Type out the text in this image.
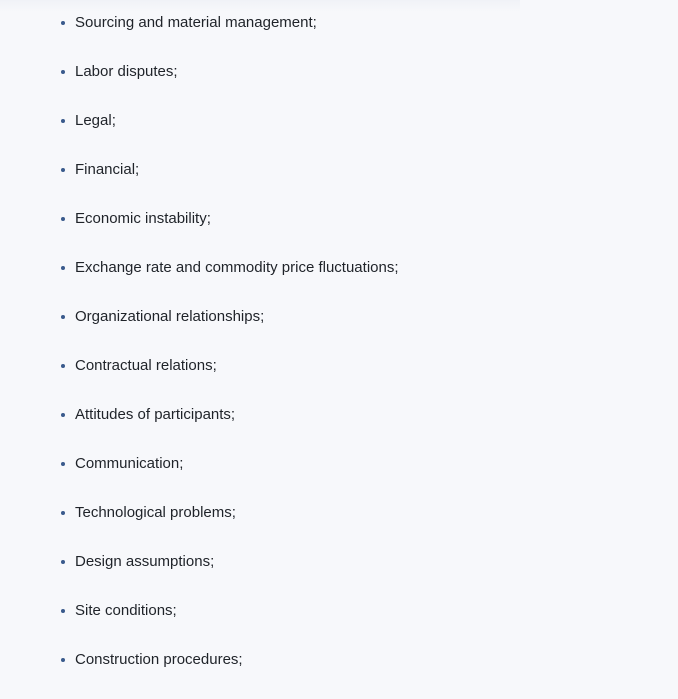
Sourcing and material management;
Labor disputes;
Legal;
Financial;
Economic instability;
Exchange rate and commodity price fluctuations;
Organizational relationships;
Contractual relations;
Attitudes of participants;
Communication;
Technological problems;
Design assumptions;
Site conditions;
Construction procedures;
